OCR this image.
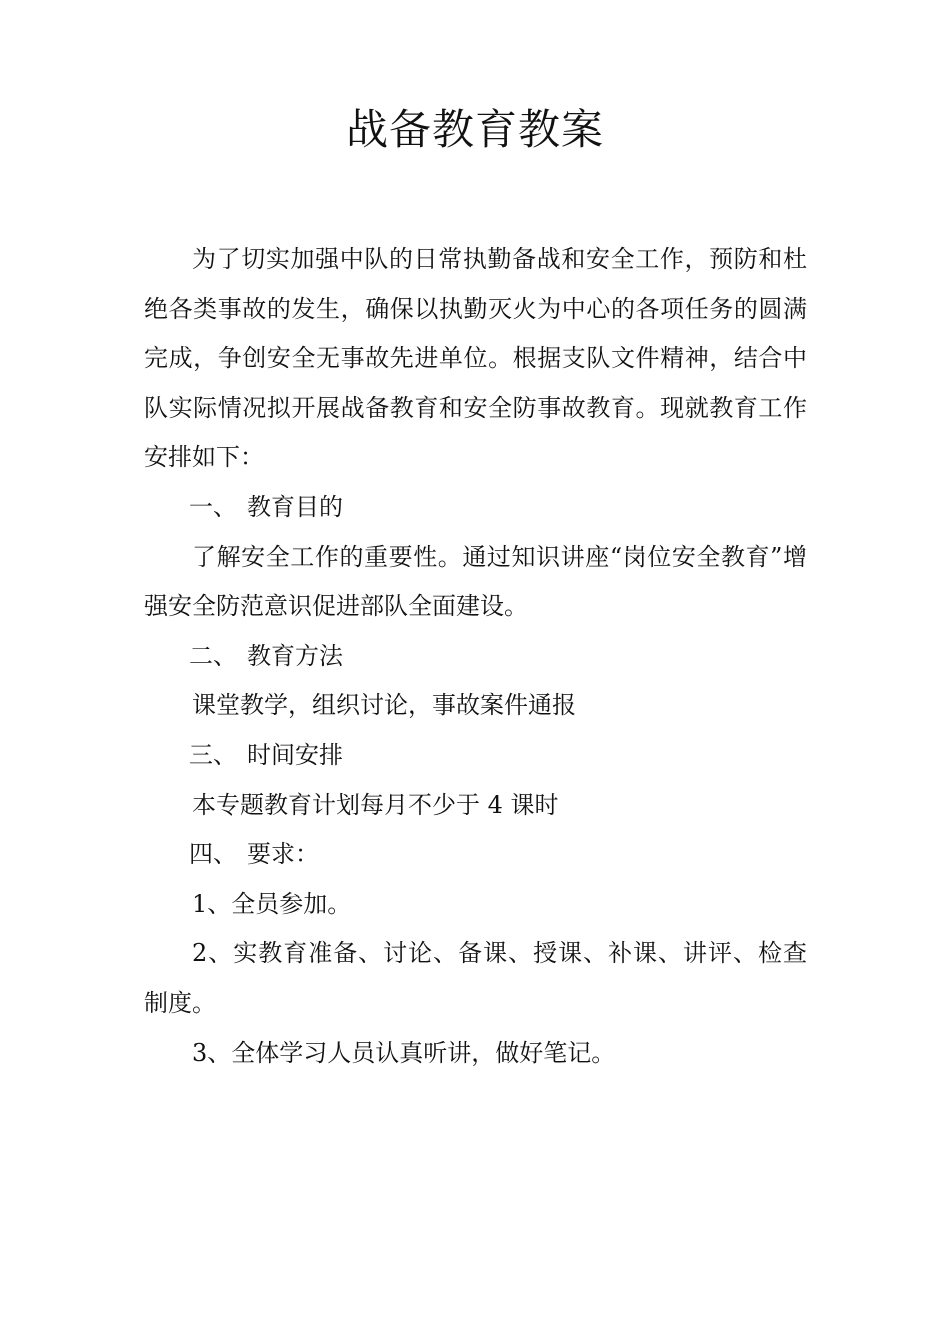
战备教育教案

为了切实加强中队的日常执勤备战和安全工作，预防和杜绝各类事故的发生，确保以执勤灭火为中心的各项任务的圆满完成，争创安全无事故先进单位。根据支队文件精神，结合中队实际情况拟开展战备教育和安全防事故教育。现就教育工作安排如下：

一、 教育目的

了解安全工作的重要性。通过知识讲座“岗位安全教育”增强安全防范意识促进部队全面建设。

二、 教育方法

课堂教学，组织讨论，事故案件通报

三、 时间安排

本专题教育计划每月不少于 4 课时

四、 要求：

1、全员参加。

2、实教育准备、讨论、备课、授课、补课、讲评、检查制度。

3、全体学习人员认真听讲，做好笔记。
